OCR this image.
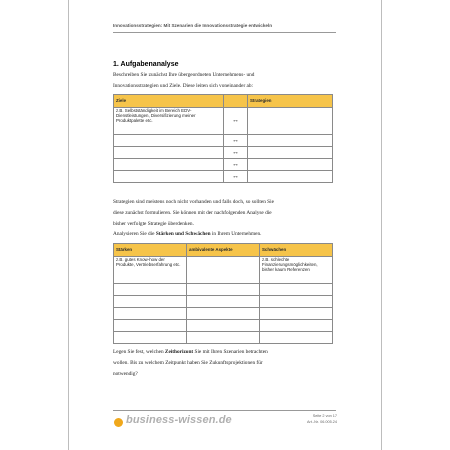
Innovationsstrategien: Mit Szenarien die Innovationsstrategie entwickeln
1. Aufgabenanalyse

Beschreiben Sie zunächst Ihre übergeordneten Unternehmens- und

Innovationsstrategien und Ziele. Diese leiten sich voneinander ab:

Ziele		Strategien
z.B. Selbstständigkeit im Bereich EDV-Dienstleistungen, Diversifizierung meiner Produktpalette etc.	↔	
	↔	
	↔	
	↔	
	↔	

Strategien sind meistens noch nicht vorhanden und falls doch, so sollten Sie

diese zunächst formulieren. Sie können mit der nachfolgenden Analyse die

bisher verfolgte Strategie überdenken.

Analysieren Sie die Stärken und Schwächen in Ihrem Unternehmen.

Stärken	ambivalente Aspekte	Schwächen
z.B. gutes Know-how der Produkte, Vertriebserfahrung etc.		z.B. schlechte Finanzierungsmöglichkeiten, bisher kaum Referenzen

Legen Sie fest, welchen Zeithorizont Sie mit Ihren Szenarien betrachten

wollen. Bis zu welchem Zeitpunkt haben Sie Zukunftsprojektionen für

notwendig?

business-wissen.de	Seite 2 von 17
Art.-Nr. 06.005.24
